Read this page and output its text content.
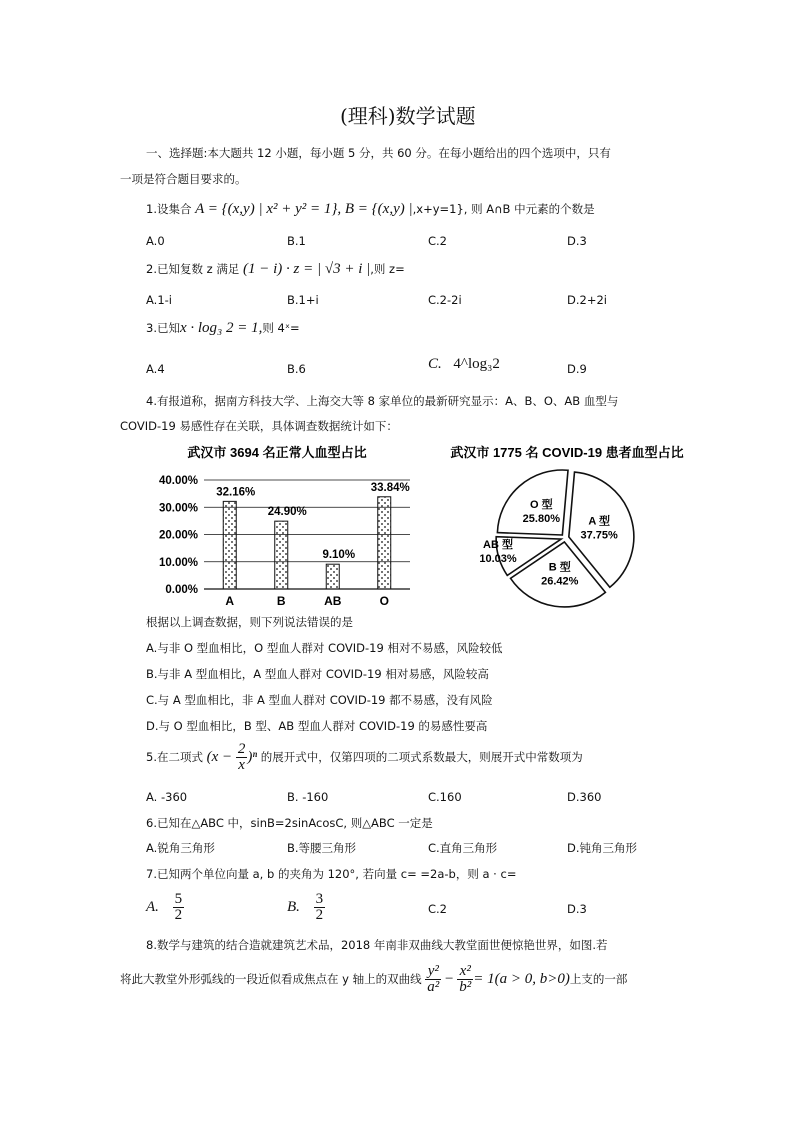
(理科)数学试题
一、选择题:本大题共 12 小题，每小题 5 分，共 60 分。在每小题给出的四个选项中，只有
一项是符合题目要求的。
1.设集合 A = {(x,y) | x² + y² = 1}, B = {(x,y) |,x+y=1}, 则 A∩B 中元素的个数是
A.0	B.1	C.2	D.3
2.已知复数 z 满足 (1 − i) · z = | √3 + i |,则 z=
A.1-i	B.1+i	C.2-2i	D.2+2i
3.已知x · log₃ 2 = 1,则 4ˣ=
A.4	B.6	C. 4^log₃2	D.9
4.有报道称，据南方科技大学、上海交大等 8 家单位的最新研究显示：A、B、O、AB 血型与
COVID-19 易感性存在关联，具体调查数据统计如下：
武汉市 3694 名正常人血型占比
40.00%
30.00%
20.00%
10.00%
0.00%
32.16%
24.90%
9.10%
33.84%
A	B	AB	O
武汉市 1775 名 COVID-19 患者血型占比
A 型
37.75%
B 型
26.42%
AB 型
10.03%
O 型
25.80%
根据以上调查数据，则下列说法错误的是
A.与非 O 型血相比，O 型血人群对 COVID-19 相对不易感，风险较低
B.与非 A 型血相比，A 型血人群对 COVID-19 相对易感，风险较高
C.与 A 型血相比，非 A 型血人群对 COVID-19 都不易感，没有风险
D.与 O 型血相比，B 型、AB 型血人群对 COVID-19 的易感性要高
5.在二项式 $(x - \frac{2}{x} )^n$ 的展开式中，仅第四项的二项式系数最大，则展开式中常数项为
A. -360	B. -160	C.160	D.360
6.已知在△ABC 中，sinB=2sinAcosC, 则△ABC 一定是
A.锐角三角形	B.等腰三角形	C.直角三角形	D.钝角三角形
7.已知两个单位向量 a, b 的夹角为 120°, 若向量 c= =2a-b，则 a · c=
A. $\frac{5}{2}$	B. $\frac{3}{2}$	C.2	D.3
8.数学与建筑的结合造就建筑艺术品，2018 年南非双曲线大教堂面世便惊艳世界，如图.若
将此大教堂外形弧线的一段近似看成焦点在 y 轴上的双曲线 $\frac{\text{y²}}{\text{a²}} - \frac{\text{x²}}{\text{b²}} = 1(a > 0$, b>0)上支的一部
